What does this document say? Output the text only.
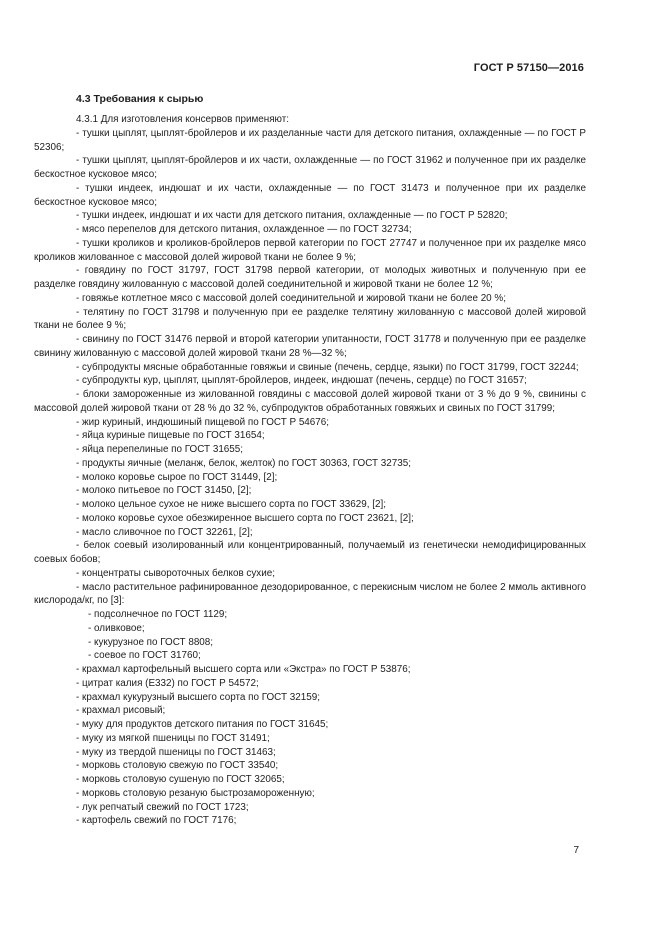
ГОСТ Р 57150—2016
4.3 Требования к сырью

4.3.1 Для изготовления консервов применяют:

- тушки цыплят, цыплят-бройлеров и их разделанные части для детского питания, охлажденные — по ГОСТ Р 52306;

- тушки цыплят, цыплят-бройлеров и их части, охлажденные — по ГОСТ 31962 и полученное при их разделке бескостное кусковое мясо;

- тушки индеек, индюшат и их части, охлажденные — по ГОСТ 31473 и полученное при их разделке бескостное кусковое мясо;

- тушки индеек, индюшат и их части для детского питания, охлажденные — по ГОСТ Р 52820;

- мясо перепелов для детского питания, охлажденное — по ГОСТ 32734;

- тушки кроликов и кроликов-бройлеров первой категории по ГОСТ 27747 и полученное при их разделке мясо кроликов жилованное с массовой долей жировой ткани не более 9 %;

- говядину по ГОСТ 31797, ГОСТ 31798 первой категории, от молодых животных и полученную при ее разделке говядину жилованную с массовой долей соединительной и жировой ткани не более 12 %;

- говяжье котлетное мясо с массовой долей соединительной и жировой ткани не более 20 %;

- телятину по ГОСТ 31798 и полученную при ее разделке телятину жилованную с массовой долей жировой ткани не более 9 %;

- свинину по ГОСТ 31476 первой и второй категории упитанности, ГОСТ 31778 и полученную при ее разделке свинину жилованную с массовой долей жировой ткани 28 %—32 %;

- субпродукты мясные обработанные говяжьи и свиные (печень, сердце, языки) по ГОСТ 31799, ГОСТ 32244;

- субпродукты кур, цыплят, цыплят-бройлеров, индеек, индюшат (печень, сердце) по ГОСТ 31657;

- блоки замороженные из жилованной говядины с массовой долей жировой ткани от 3 % до 9 %, свинины с массовой долей жировой ткани от 28 % до 32 %, субпродуктов обработанных говяжьих и свиных по ГОСТ 31799;

- жир куриный, индюшиный пищевой по ГОСТ Р 54676;

- яйца куриные пищевые по ГОСТ 31654;

- яйца перепелиные по ГОСТ 31655;

- продукты яичные (меланж, белок, желток) по ГОСТ 30363, ГОСТ 32735;

- молоко коровье сырое по ГОСТ 31449, [2];

- молоко питьевое по ГОСТ 31450, [2];

- молоко цельное сухое не ниже высшего сорта по ГОСТ 33629, [2];

- молоко коровье сухое обезжиренное высшего сорта по ГОСТ 23621, [2];

- масло сливочное по ГОСТ 32261, [2];

- белок соевый изолированный или концентрированный, получаемый из генетически немодифицированных соевых бобов;

- концентраты сывороточных белков сухие;

- масло растительное рафинированное дезодорированное, с перекисным числом не более 2 ммоль активного кислорода/кг, по [3]:

- подсолнечное по ГОСТ 1129;

- оливковое;

- кукурузное по ГОСТ 8808;

- соевое по ГОСТ 31760;

- крахмал картофельный высшего сорта или «Экстра» по ГОСТ Р 53876;

- цитрат калия (Е332) по ГОСТ Р 54572;

- крахмал кукурузный высшего сорта по ГОСТ 32159;

- крахмал рисовый;

- муку для продуктов детского питания по ГОСТ 31645;

- муку из мягкой пшеницы по ГОСТ 31491;

- муку из твердой пшеницы по ГОСТ 31463;

- морковь столовую свежую по ГОСТ 33540;

- морковь столовую сушеную по ГОСТ 32065;

- морковь столовую резаную быстрозамороженную;

- лук репчатый свежий по ГОСТ 1723;

- картофель свежий по ГОСТ 7176;

7
